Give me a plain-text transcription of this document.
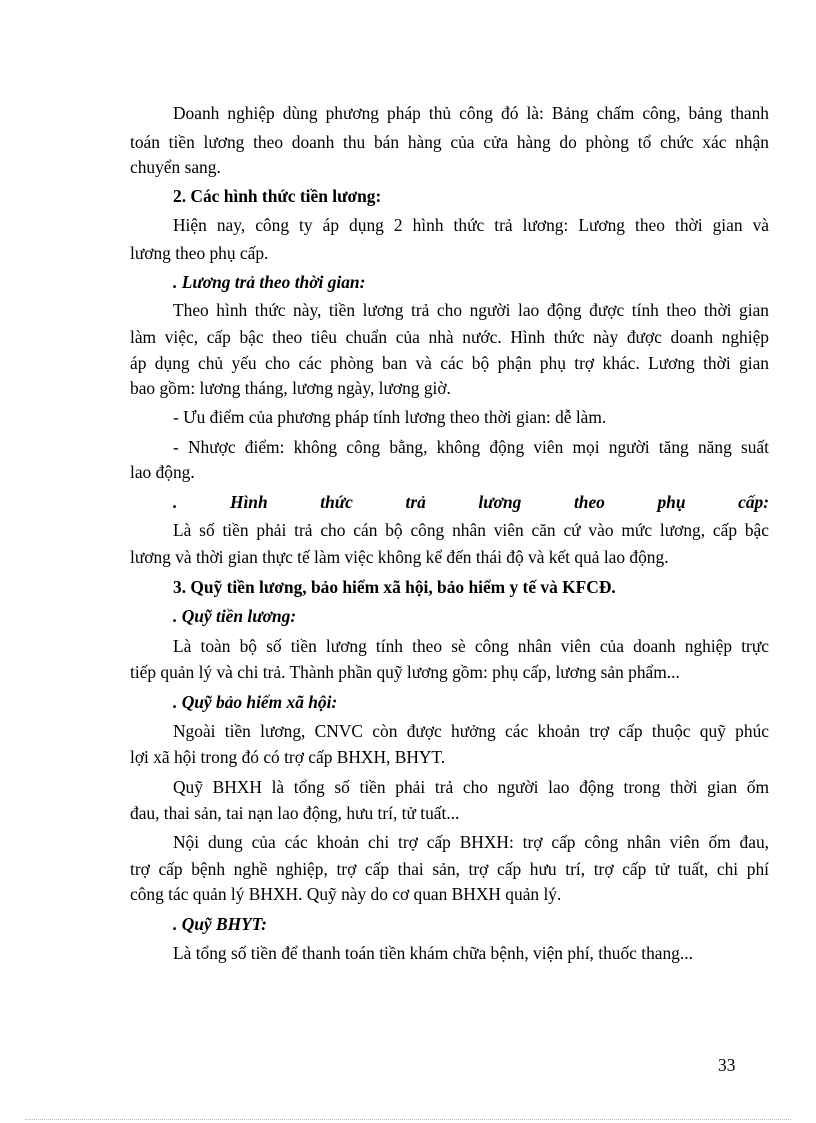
Doanh nghiệp dùng phương pháp thủ công đó là: Bảng chấm công, bảng thanh
toán tiền lương theo doanh thu bán hàng của cửa hàng do phòng tổ chức xác nhận
chuyển sang.
2. Các hình thức tiền lương:
Hiện nay, công ty áp dụng 2 hình thức trả lương: Lương theo thời gian và
lương theo phụ cấp.
. Lương trả theo thời gian:
Theo hình thức này, tiền lương trả cho người lao động được tính theo thời gian
làm việc, cấp bậc theo tiêu chuẩn của nhà nước. Hình thức này được doanh nghiệp
áp dụng chủ yếu cho các phòng ban và các bộ phận phụ trợ khác. Lương thời gian
bao gồm: lương tháng, lương ngày, lương giờ.
- Ưu điểm của phương pháp tính lương theo thời gian: dễ làm.
- Nhược điểm: không công bằng, không động viên mọi người tăng năng suất
lao động.
.	Hình	thức	trả	lương	theo	phụ	cấp:
Là số tiền phải trả cho cán bộ công nhân viên căn cứ vào mức lương, cấp bậc
lương và thời gian thực tế làm việc không kể đến thái độ và kết quả lao động.
3. Quỹ tiền lương, bảo hiểm xã hội, bảo hiểm y tế và KFCĐ.
. Quỹ tiền lương:
Là toàn bộ số tiền lương tính theo sè công nhân viên của doanh nghiệp trực
tiếp quản lý và chi trả. Thành phần quỹ lương gồm: phụ cấp, lương sản phẩm...
. Quỹ bảo hiểm xã hội:
Ngoài tiền lương, CNVC còn được hưởng các khoản trợ cấp thuộc quỹ phúc
lợi xã hội trong đó có trợ cấp BHXH, BHYT.
Quỹ BHXH là tổng số tiền phải trả cho người lao động trong thời gian ốm
đau, thai sản, tai nạn lao động, hưu trí, tử tuất...
Nội dung của các khoản chi trợ cấp BHXH: trợ cấp công nhân viên ốm đau,
trợ cấp bệnh nghề nghiệp, trợ cấp thai sản, trợ cấp hưu trí, trợ cấp tử tuất, chi phí
công tác quản lý BHXH. Quỹ này do cơ quan BHXH quản lý.
. Quỹ BHYT:
Là tổng số tiền để thanh toán tiền khám chữa bệnh, viện phí, thuốc thang...
33
